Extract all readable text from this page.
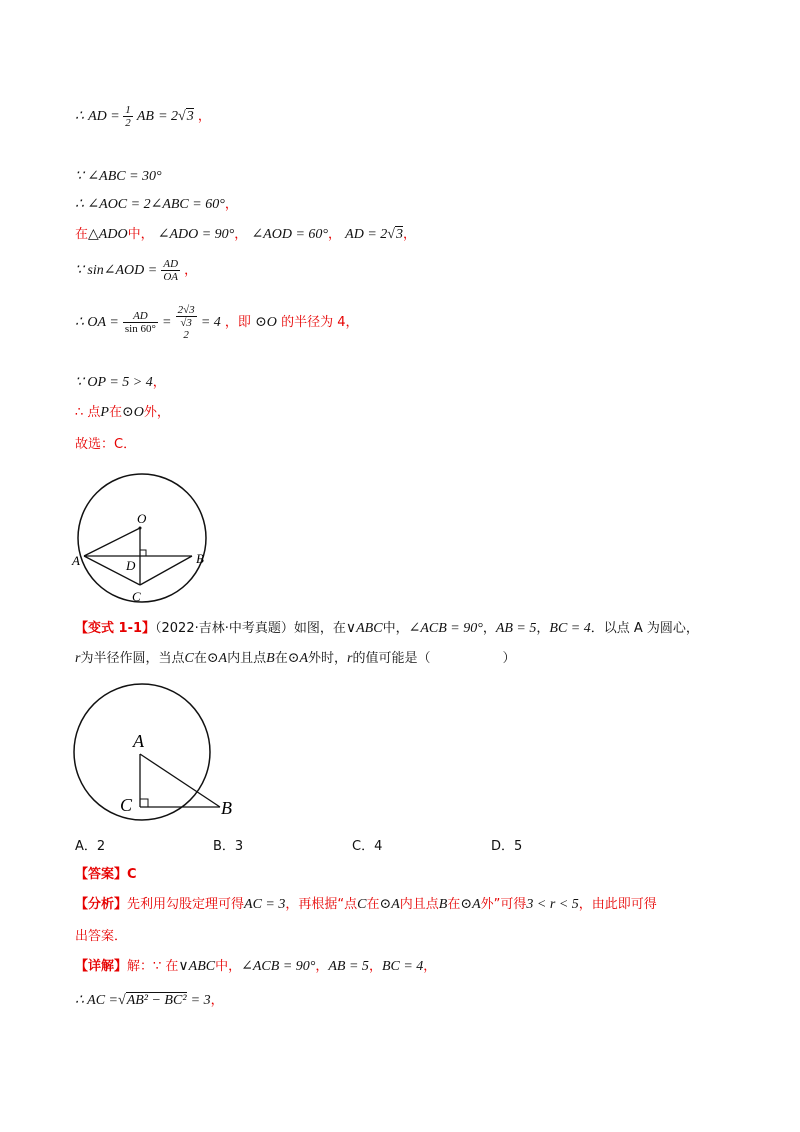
∴ AD = $\frac{1}{2}$ AB = 2√3 ，
∵ ∠ABC = 30°
∴ ∠AOC = 2∠ABC = 60°，
在△ADO中， ∠ADO = 90°， ∠AOD = 60°， AD = 2√3，
∵ sin∠AOD = $\frac{AD}{OA}$ ，
∴ OA = $\frac{AD}{\sin 60^\circ}$ =
2√3
√3
2
= 4 ，即 ⊙O 的半径为 4，
∵ OP = 5 > 4，
∴ 点P在⊙O外，
故选：C．
O
A	D	B
C
【变式 1-1】（2022·吉林·中考真题）如图，在∨ABC中，∠ACB = 90°，AB = 5，BC = 4．以点 A 为圆心，
r为半径作圆，当点C在⊙A内且点B在⊙A外时，r的值可能是（	）
A
C	B
A．2	B．3	C．4	D．5
【答案】C
【分析】先利用勾股定理可得AC = 3，再根据“点C在⊙A内且点B在⊙A外”可得3 < r < 5，由此即可得
出答案．
【详解】解：∵ 在∨ABC中，∠ACB = 90°，AB = 5，BC = 4，
∴ AC =√AB² − BC² = 3，
